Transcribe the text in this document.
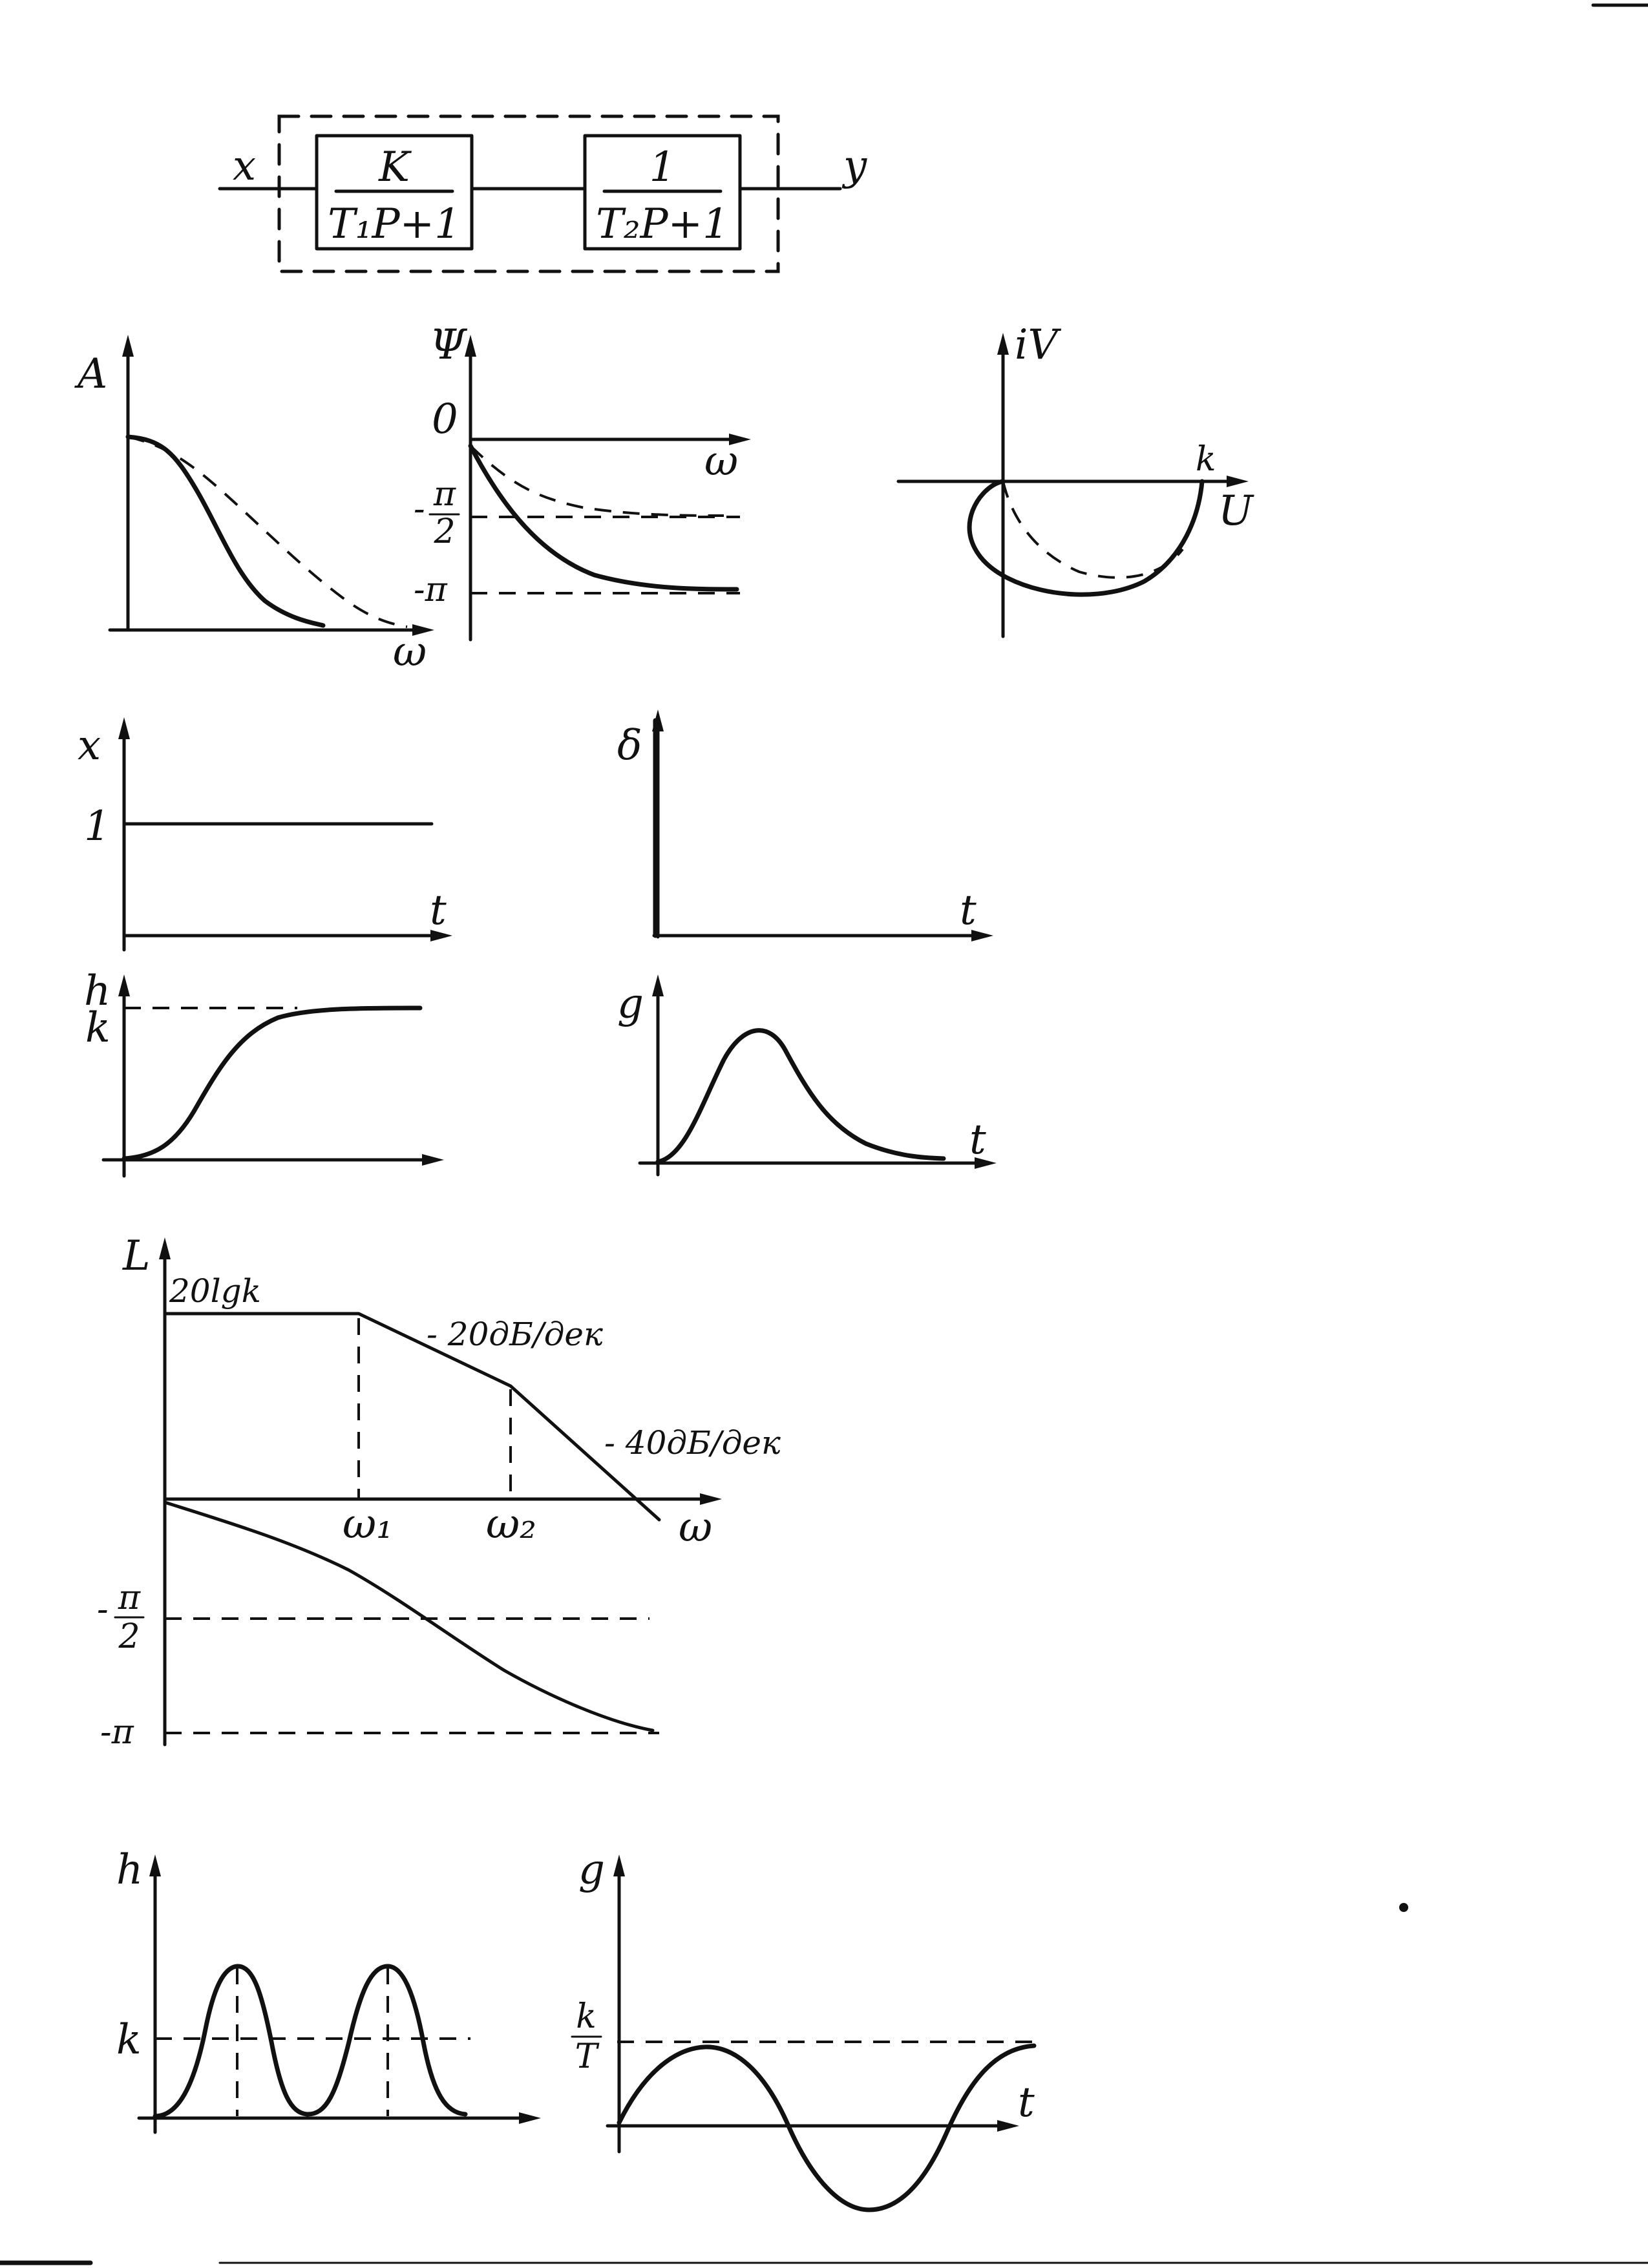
x	y
K
T₁P+1
1
T₂P+1
A
ω
Ψ
ω
0
- π
2
-π
iV
U
k
x
t
1
δ
t
h
k	g
t
L
ω
20lgk
- 20дБ/дек
- 40дБ/дек
ω₁ ω₂
- π
2
-π
h
k
g
t
k
T
